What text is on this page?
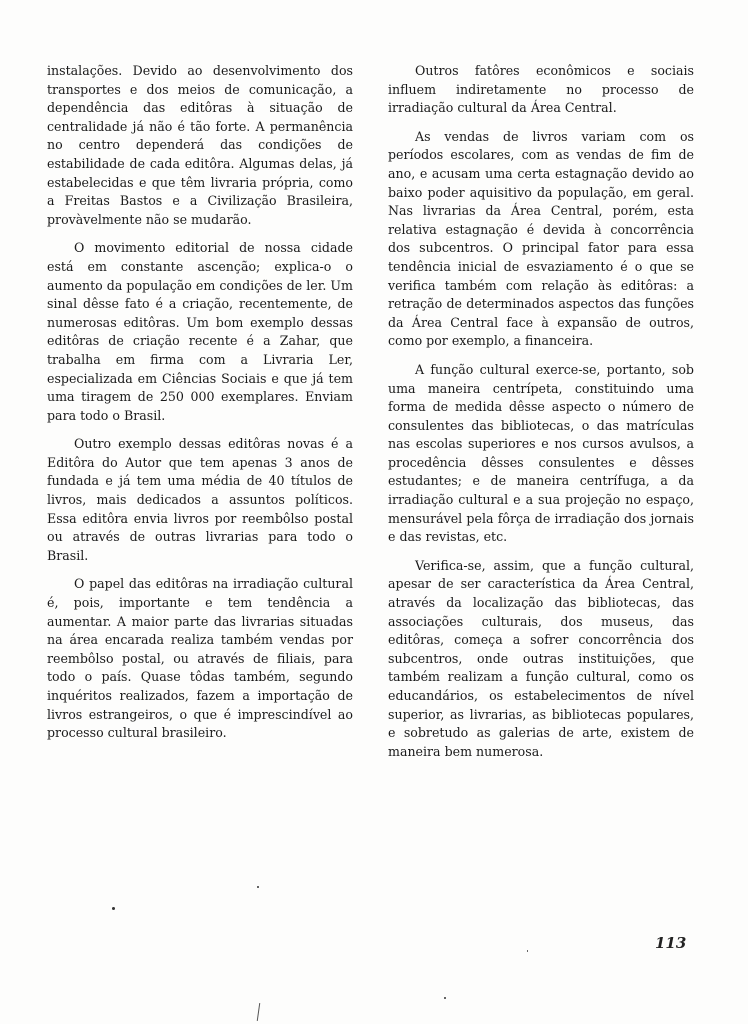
instalações. Devido ao desenvolvimento dos transportes e dos meios de comunicação, a dependência das editôras à situação de centralidade já não é tão forte. A permanência no centro dependerá das condições de estabilidade de cada editôra. Algumas delas, já estabelecidas e que têm livraria própria, como a Freitas Bastos e a Civilização Brasileira, provàvelmente não se mudarão.

O movimento editorial de nossa cidade está em constante ascenção; explica-o o aumento da população em condições de ler. Um sinal dêsse fato é a criação, recentemente, de numerosas editôras. Um bom exemplo dessas editôras de criação recente é a Zahar, que trabalha em firma com a Livraria Ler, especializada em Ciências Sociais e que já tem uma tiragem de 250 000 exemplares. Enviam para todo o Brasil.

Outro exemplo dessas editôras novas é a Editôra do Autor que tem apenas 3 anos de fundada e já tem uma média de 40 títulos de livros, mais dedicados a assuntos políticos. Essa editôra envia livros por reembôlso postal ou através de outras livrarias para todo o Brasil.

O papel das editôras na irradiação cultural é, pois, importante e tem tendência a aumentar. A maior parte das livrarias situadas na área encarada realiza também vendas por reembôlso postal, ou através de filiais, para todo o país. Quase tôdas também, segundo inquéritos realizados, fazem a importação de livros estrangeiros, o que é imprescindível ao processo cultural brasileiro.

Outros fatôres econômicos e sociais influem indiretamente no processo de irradiação cultural da Área Central.

As vendas de livros variam com os períodos escolares, com as vendas de fim de ano, e acusam uma certa estagnação devido ao baixo poder aquisitivo da população, em geral. Nas livrarias da Área Central, porém, esta relativa estagnação é devida à concorrência dos subcentros. O principal fator para essa tendência inicial de esvaziamento é o que se verifica também com relação às editôras: a retração de determinados aspectos das funções da Área Central face à expansão de outros, como por exemplo, a financeira.

A função cultural exerce-se, portanto, sob uma maneira centrípeta, constituindo uma forma de medida dêsse aspecto o número de consulentes das bibliotecas, o das matrículas nas escolas superiores e nos cursos avulsos, a procedência dêsses consulentes e dêsses estudantes; e de maneira centrífuga, a da irradiação cultural e a sua projeção no espaço, mensurável pela fôrça de irradiação dos jornais e das revistas, etc.

Verifica-se, assim, que a função cultural, apesar de ser característica da Área Central, através da localização das bibliotecas, das associações culturais, dos museus, das editôras, começa a sofrer concorrência dos subcentros, onde outras instituições, que também realizam a função cultural, como os educandários, os estabelecimentos de nível superior, as livrarias, as bibliotecas populares, e sobretudo as galerias de arte, existem de maneira bem numerosa.

113
